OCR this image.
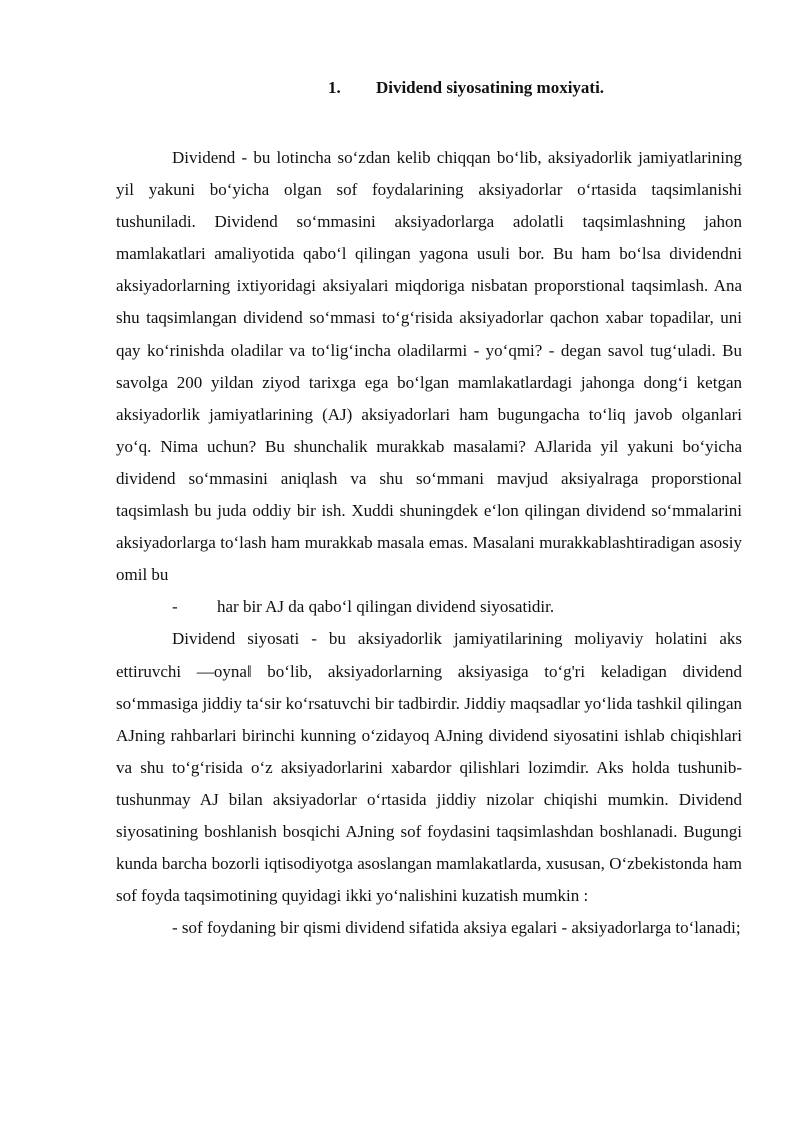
1. Dividend siyosatining moxiyati.

Dividend - bu lotincha so‘zdan kelib chiqqan bo‘lib, aksiyadorlik jamiyatlarining yil yakuni bo‘yicha olgan sof foydalarining aksiyadorlar o‘rtasida taqsimlanishi tushuniladi. Dividend so‘mmasini aksiyadorlarga adolatli taqsimlashning jahon mamlakatlari amaliyotida qabo‘l qilingan yagona usuli bor. Bu ham bo‘lsa dividendni aksiyadorlarning ixtiyoridagi aksiyalari miqdoriga nisbatan proporstional taqsimlash. Ana shu taqsimlangan dividend so‘mmasi to‘g‘risida aksiyadorlar qachon xabar topadilar, uni qay ko‘rinishda oladilar va to‘lig‘incha oladilarmi - yo‘qmi? - degan savol tug‘uladi. Bu savolga 200 yildan ziyod tarixga ega bo‘lgan mamlakatlardagi jahonga dong‘i ketgan aksiyadorlik jamiyatlarining (AJ) aksiyadorlari ham bugungacha to‘liq javob olganlari yo‘q. Nima uchun? Bu shunchalik murakkab masalami? AJlarida yil yakuni bo‘yicha dividend so‘mmasini aniqlash va shu so‘mmani mavjud aksiyalraga proporstional taqsimlash bu juda oddiy bir ish. Xuddi shuningdek e‘lon qilingan dividend so‘mmalarini aksiyadorlarga to‘lash ham murakkab masala emas. Masalani murakkablashtiradigan asosiy omil bu

- har bir AJ da qabo‘l qilingan dividend siyosatidir.

Dividend siyosati - bu aksiyadorlik jamiyatilarining moliyaviy holatini aks ettiruvchi ―oyna‖ bo‘lib, aksiyadorlarning aksiyasiga to‘g'ri keladigan dividend so‘mmasiga jiddiy ta‘sir ko‘rsatuvchi bir tadbirdir. Jiddiy maqsadlar yo‘lida tashkil qilingan AJning rahbarlari birinchi kunning o‘zidayoq AJning dividend siyosatini ishlab chiqishlari va shu to‘g‘risida o‘z aksiyadorlarini xabardor qilishlari lozimdir. Aks holda tushunib-tushunmay AJ bilan aksiyadorlar o‘rtasida jiddiy nizolar chiqishi mumkin. Dividend siyosatining boshlanish bosqichi AJning sof foydasini taqsimlashdan boshlanadi. Bugungi kunda barcha bozorli iqtisodiyotga asoslangan mamlakatlarda, xususan, O‘zbekistonda ham sof foyda taqsimotining quyidagi ikki yo‘nalishini kuzatish mumkin :

- sof foydaning bir qismi dividend sifatida aksiya egalari - aksiyadorlarga to‘lanadi;
